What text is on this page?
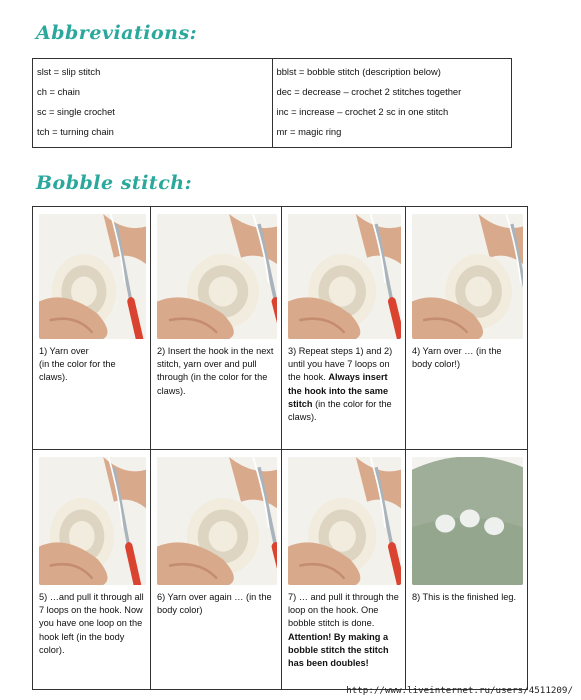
Abbreviations:
slst = slip stitch
ch = chain
sc = single crochet
tch = turning chain
bblst = bobble stitch (description below)
dec = decrease – crochet 2 stitches together
inc = increase – crochet 2 sc in one stitch
mr = magic ring
Bobble stitch:
1) Yarn over
(in the color for the claws).
2) Insert the hook in the next stitch, yarn over and pull through (in the color for the claws).
3) Repeat steps 1) and 2) until you have 7 loops on the hook. Always insert the hook into the same stitch (in the color for the claws).
4) Yarn over … (in the body color!)
5) …and pull it through all 7 loops on the hook. Now you have one loop on the hook left (in the body color).
6) Yarn over again … (in the body color)
7) … and pull it through the loop on the hook. One bobble stitch is done.
Attention! By making a bobble stitch the stitch has been doubles!
8) This is the finished leg.
http://www.liveinternet.ru/users/4511209/
